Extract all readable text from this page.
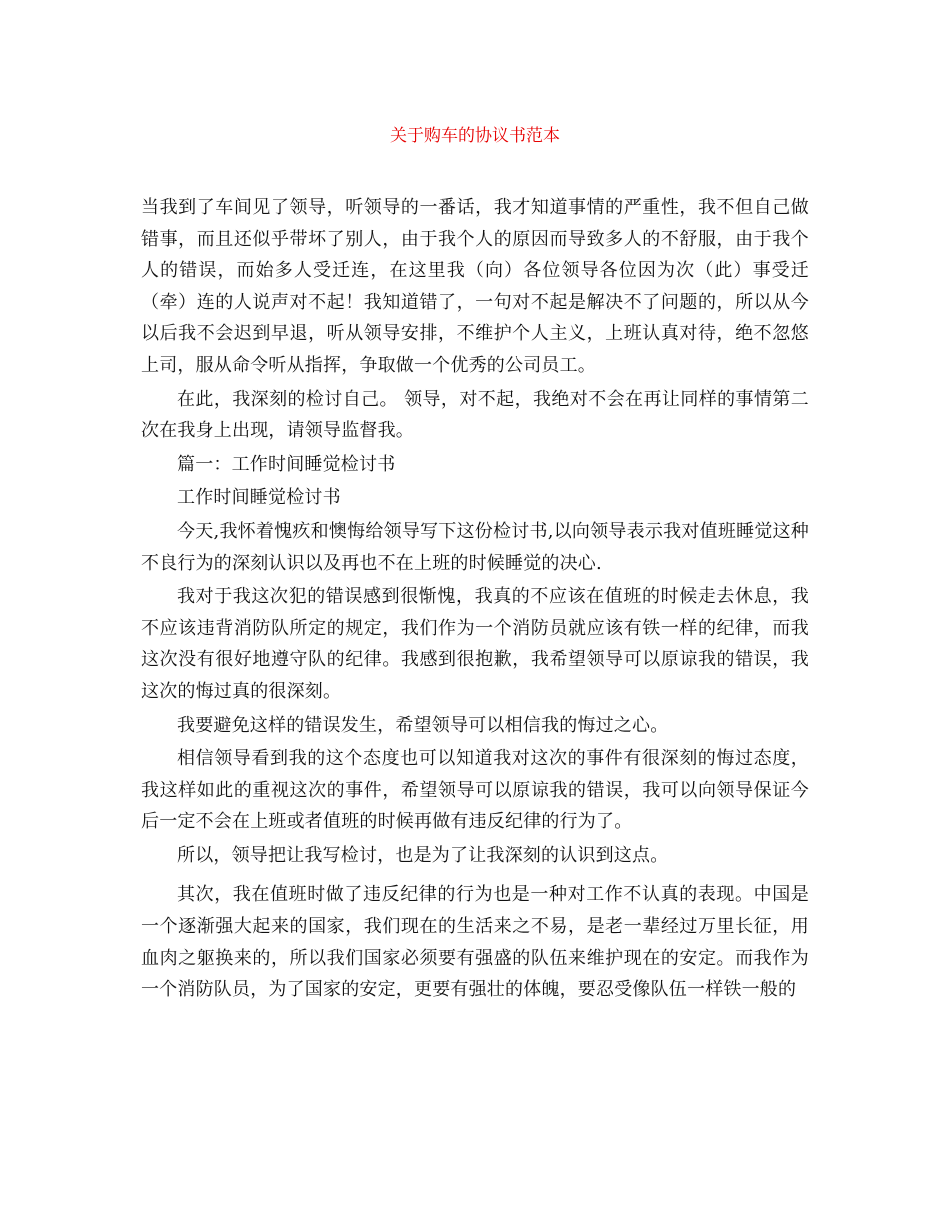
关于购车的协议书范本

当我到了车间见了领导，听领导的一番话，我才知道事情的严重性，我不但自己做错事，而且还似乎带坏了别人，由于我个人的原因而导致多人的不舒服，由于我个人的错误，而始多人受迁连，在这里我（向）各位领导各位因为次（此）事受迁（牵）连的人说声对不起！我知道错了，一句对不起是解决不了问题的，所以从今以后我不会迟到早退，听从领导安排，不维护个人主义，上班认真对待，绝不忽悠上司，服从命令听从指挥，争取做一个优秀的公司员工。

在此，我深刻的检讨自己。 领导，对不起，我绝对不会在再让同样的事情第二次在我身上出现，请领导监督我。

篇一：工作时间睡觉检讨书

工作时间睡觉检讨书

今天,我怀着愧疚和懊悔给领导写下这份检讨书,以向领导表示我对值班睡觉这种不良行为的深刻认识以及再也不在上班的时候睡觉的决心.

我对于我这次犯的错误感到很惭愧，我真的不应该在值班的时候走去休息，我不应该违背消防队所定的规定，我们作为一个消防员就应该有铁一样的纪律，而我这次没有很好地遵守队的纪律。我感到很抱歉，我希望领导可以原谅我的错误，我这次的悔过真的很深刻。

我要避免这样的错误发生，希望领导可以相信我的悔过之心。

相信领导看到我的这个态度也可以知道我对这次的事件有很深刻的悔过态度，我这样如此的重视这次的事件，希望领导可以原谅我的错误，我可以向领导保证今后一定不会在上班或者值班的时候再做有违反纪律的行为了。

所以，领导把让我写检讨，也是为了让我深刻的认识到这点。

其次，我在值班时做了违反纪律的行为也是一种对工作不认真的表现。中国是一个逐渐强大起来的国家，我们现在的生活来之不易，是老一辈经过万里长征，用血肉之躯换来的，所以我们国家必须要有强盛的队伍来维护现在的安定。而我作为一个消防队员，为了国家的安定，更要有强壮的体魄，要忍受像队伍一样铁一般的
